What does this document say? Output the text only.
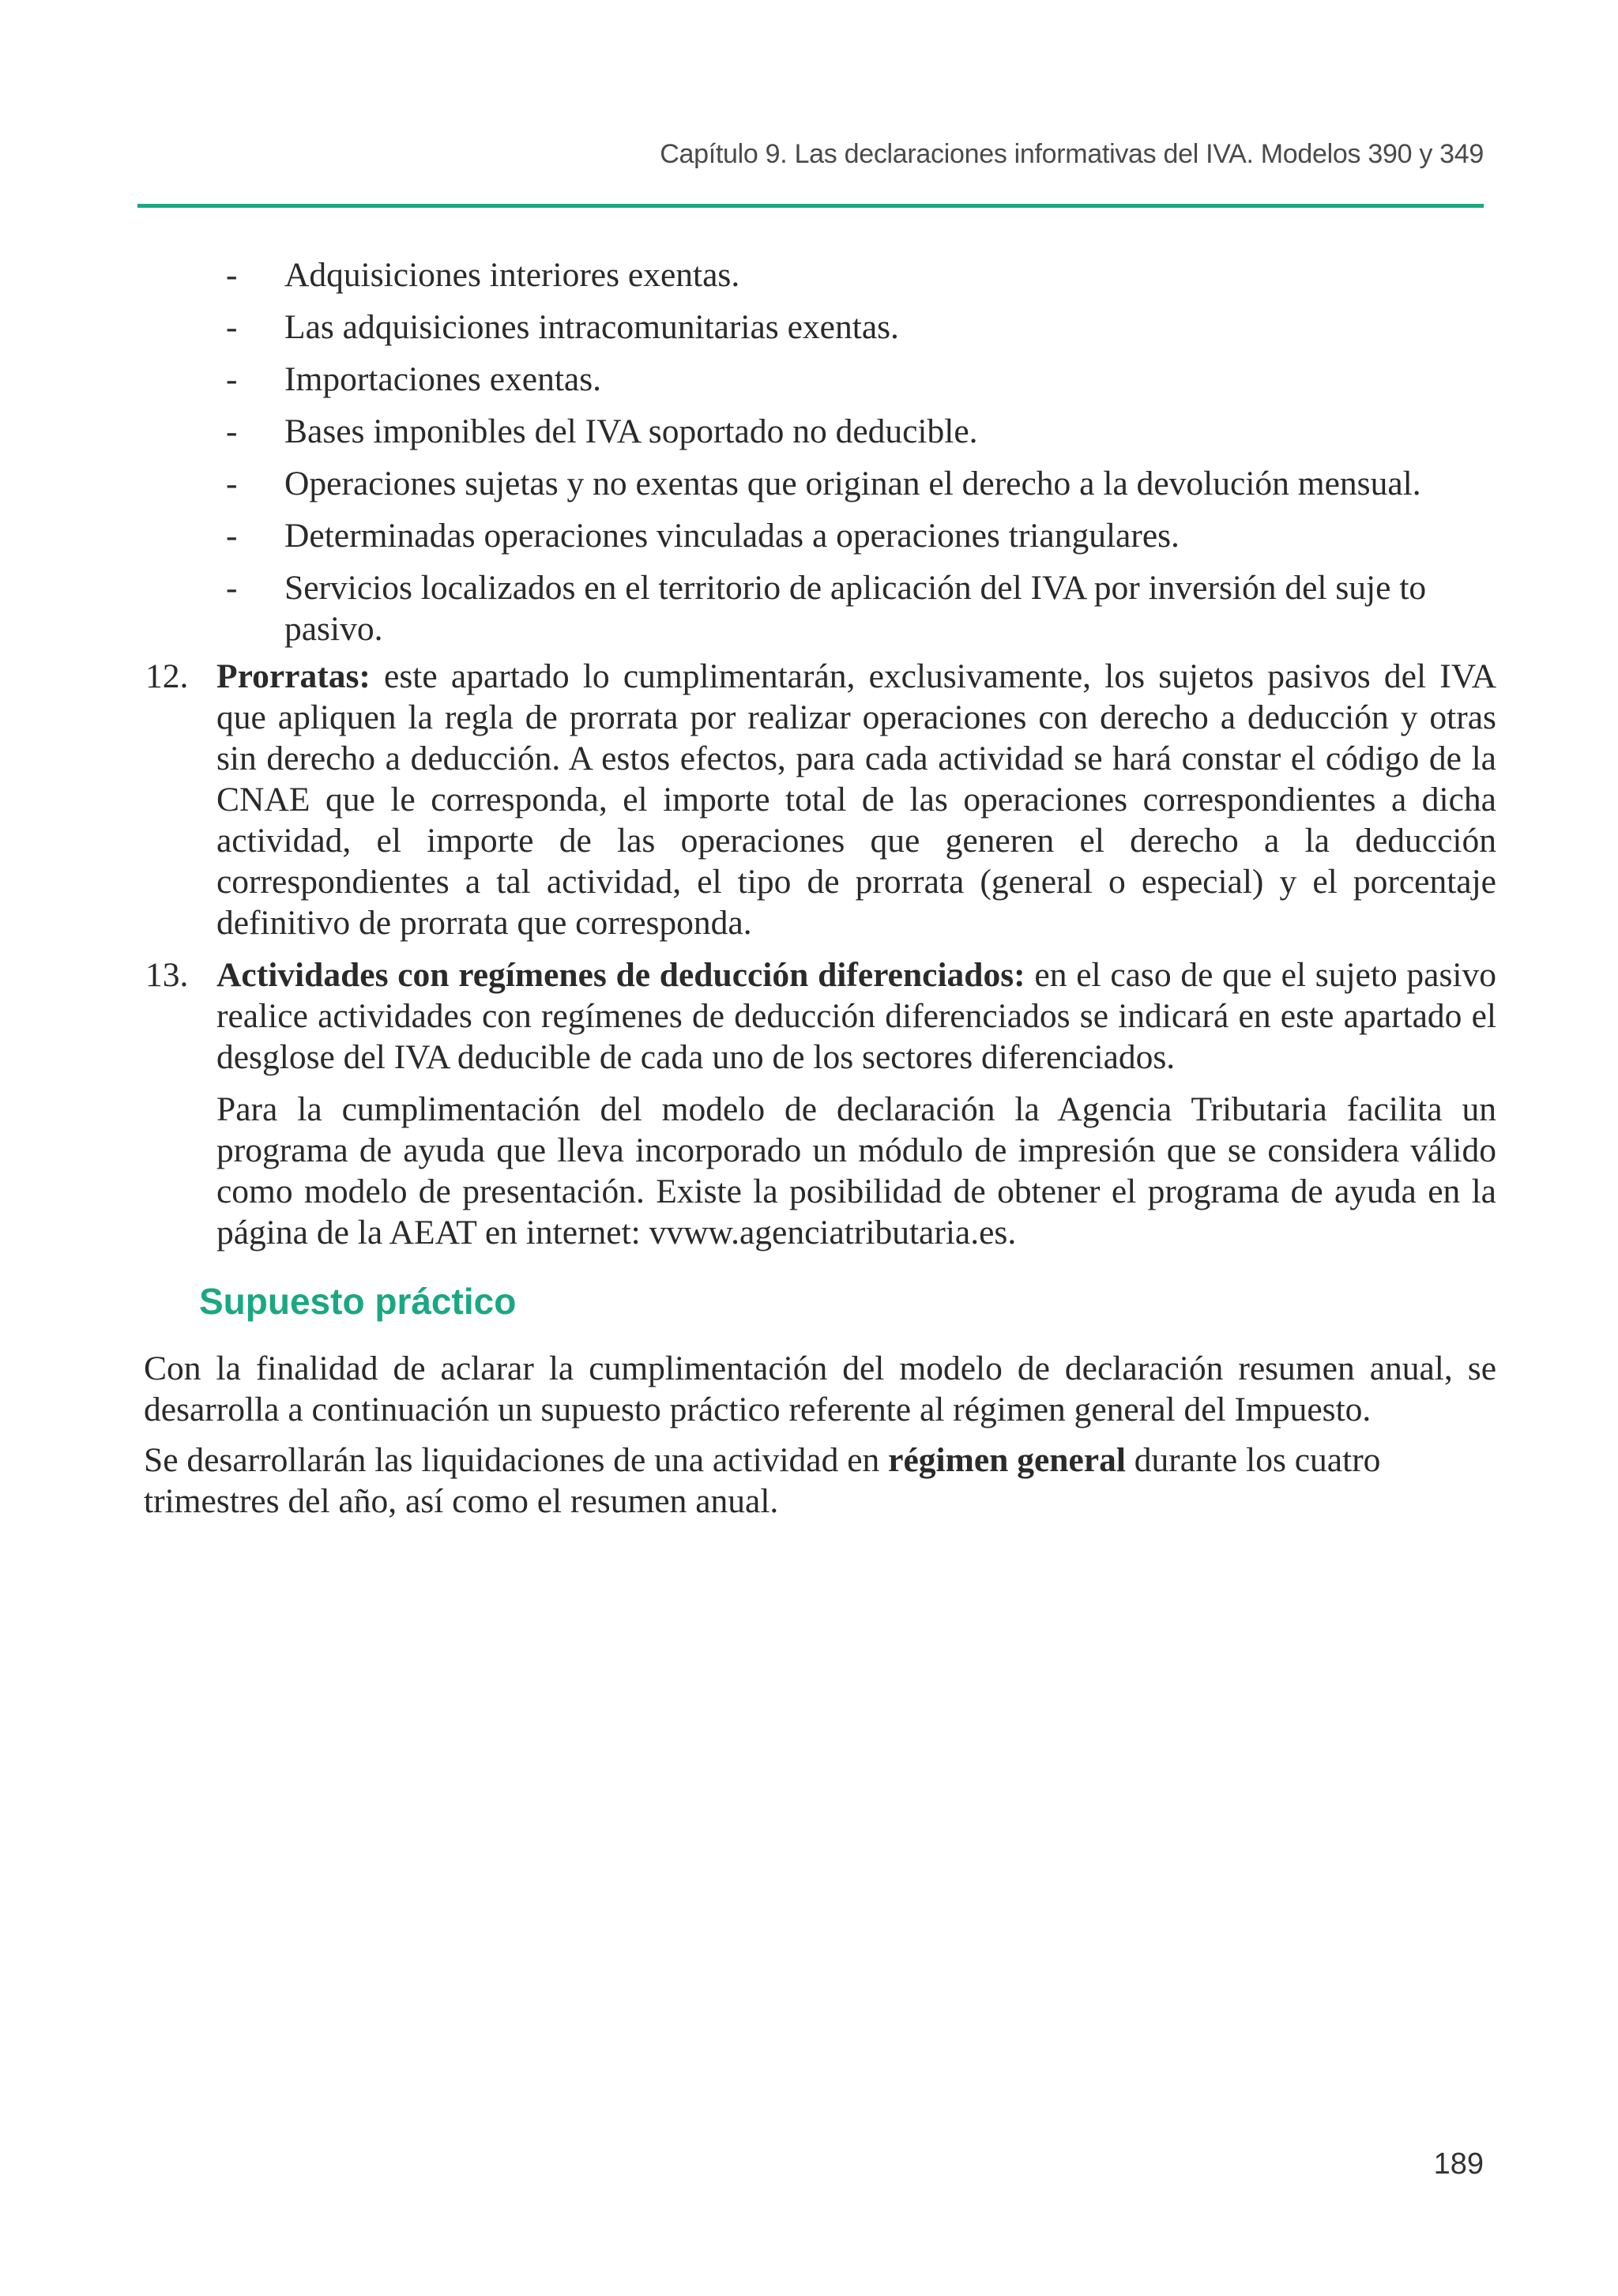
Capítulo 9. Las declaraciones informativas del IVA. Modelos 390 y 349
- Adquisiciones interiores exentas.
- Las adquisiciones intracomunitarias exentas.
- Importaciones exentas.
- Bases imponibles del IVA soportado no deducible.
- Operaciones sujetas y no exentas que originan el derecho a la devolución mensual.
- Determinadas operaciones vinculadas a operaciones triangulares.
- Servicios localizados en el territorio de aplicación del IVA por inversión del suje to pasivo.
12. Prorratas: este apartado lo cumplimentarán, exclusivamente, los sujetos pasivos del IVA que apliquen la regla de prorrata por realizar operaciones con derecho a deducción y otras sin derecho a deducción. A estos efectos, para cada actividad se hará constar el código de la CNAE que le corresponda, el importe total de las operaciones correspondientes a dicha actividad, el importe de las operaciones que generen el derecho a la deducción correspondientes a tal actividad, el tipo de prorrata (general o especial) y el porcentaje definitivo de prorrata que corresponda.

13. Actividades con regímenes de deducción diferenciados: en el caso de que el sujeto pasivo realice actividades con regímenes de deducción diferenciados se indicará en este apartado el desglose del IVA deducible de cada uno de los sectores diferenciados.

Para la cumplimentación del modelo de declaración la Agencia Tributaria facilita un programa de ayuda que lleva incorporado un módulo de impresión que se considera válido como modelo de presentación. Existe la posibilidad de obtener el programa de ayuda en la página de la AEAT en internet: vvww.agenciatributaria.es.

Supuesto práctico

Con la finalidad de aclarar la cumplimentación del modelo de declaración resumen anual, se desarrolla a continuación un supuesto práctico referente al régimen general del Impuesto.

Se desarrollarán las liquidaciones de una actividad en régimen general durante los cuatro trimestres del año, así como el resumen anual.

189
